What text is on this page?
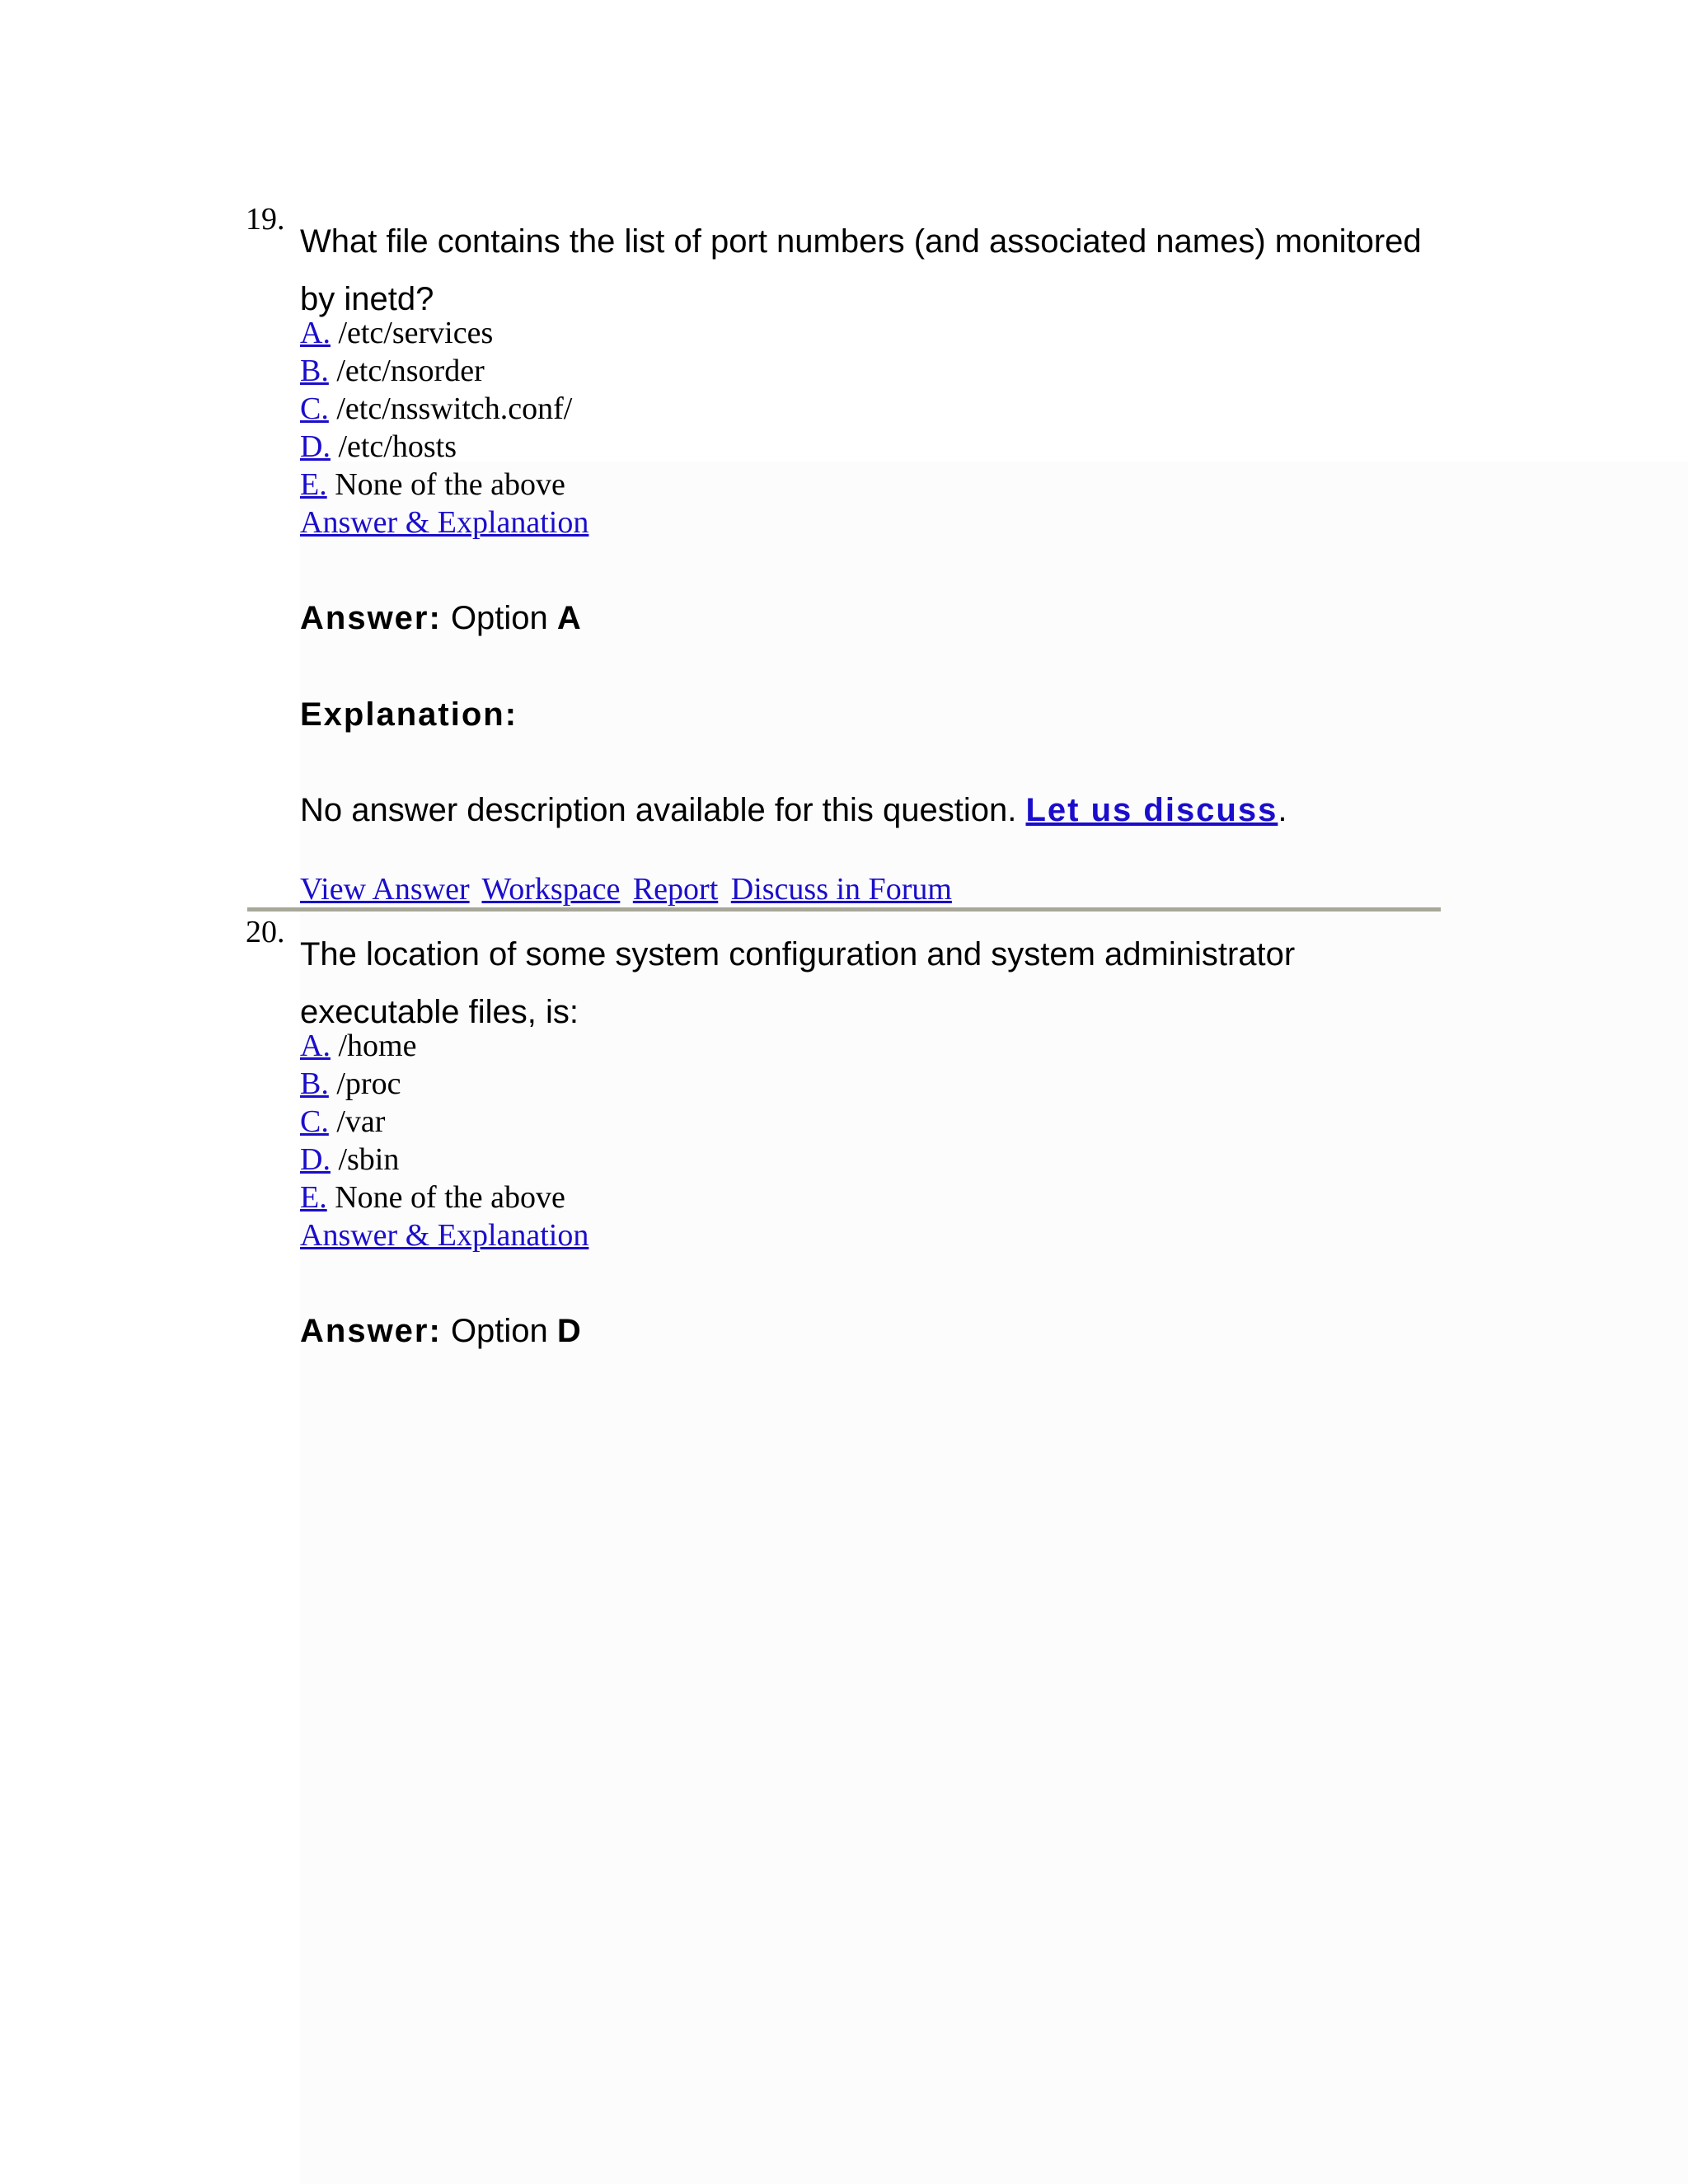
19.
What file contains the list of port numbers (and associated names) monitored by inetd?
A. /etc/services
B. /etc/nsorder
C. /etc/nsswitch.conf/
D. /etc/hosts
E. None of the above
Answer & Explanation
Answer: Option A
Explanation:
No answer description available for this question. Let us discuss.
View Answer Workspace Report Discuss in Forum
20.
The location of some system configuration and system administrator executable files, is:
A. /home
B. /proc
C. /var
D. /sbin
E. None of the above
Answer & Explanation
Answer: Option D
